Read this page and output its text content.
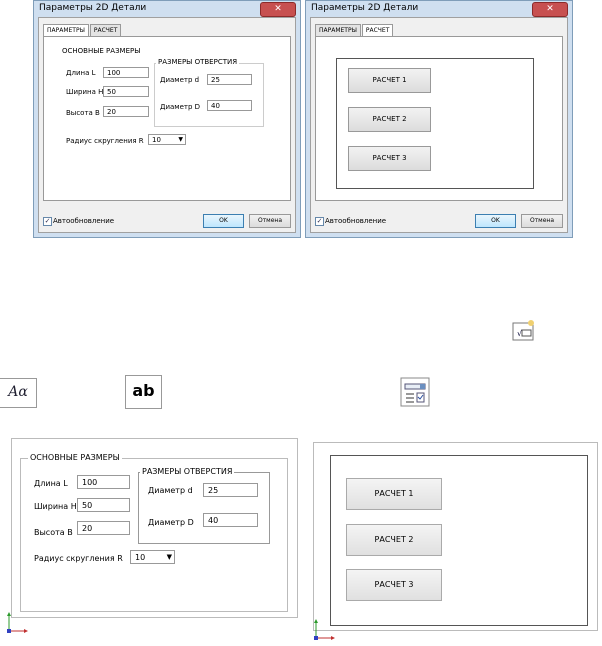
Параметры 2D Детали	✕
ПАРАМЕТРЫ	РАСЧЕТ
ОСНОВНЫЕ РАЗМЕРЫ
Длина L	100
Ширина H 50
Высота B	20
РАЗМЕРЫ ОТВЕРСТИЯ
Диаметр d	25
Диаметр D	40
Радиус скругления R	10	▼
✓ Автообновление	OK	Отмена
Параметры 2D Детали	✕
ПАРАМЕТРЫ	РАСЧЕТ
РАСЧЕТ 1
РАСЧЕТ 2
РАСЧЕТ 3
✓ Автообновление	OK	Отмена
√
Aα	ab
ОСНОВНЫЕ РАЗМЕРЫ
Длина L	100
Ширина H 50
Высота B	20
РАЗМЕРЫ ОТВЕРСТИЯ
Диаметр d	25
Диаметр D	40
Радиус скругления R	10	▼
РАСЧЕТ 1
РАСЧЕТ 2
РАСЧЕТ 3
